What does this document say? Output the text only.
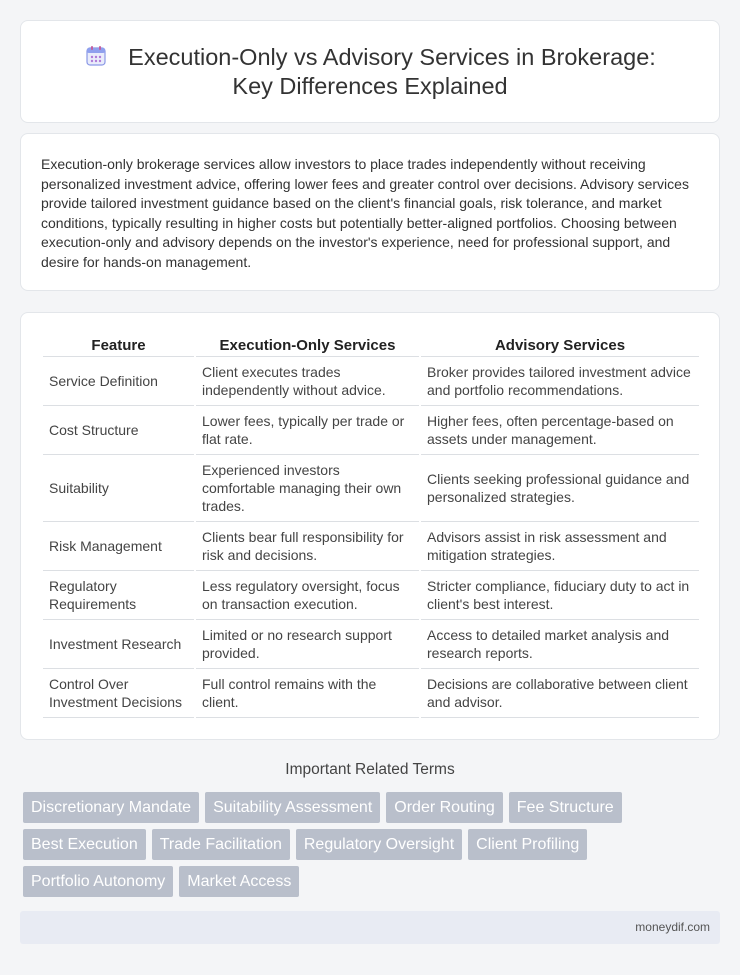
Execution-Only vs Advisory Services in Brokerage: Key Differences Explained

Execution-only brokerage services allow investors to place trades independently without receiving personalized investment advice, offering lower fees and greater control over decisions. Advisory services provide tailored investment guidance based on the client's financial goals, risk tolerance, and market conditions, typically resulting in higher costs but potentially better-aligned portfolios. Choosing between execution-only and advisory depends on the investor's experience, need for professional support, and desire for hands-on management.

Feature	Execution-Only Services	Advisory Services
Service Definition	Client executes trades independently without advice.	Broker provides tailored investment advice and portfolio recommendations.
Cost Structure	Lower fees, typically per trade or flat rate.	Higher fees, often percentage-based on assets under management.
Suitability	Experienced investors comfortable managing their own trades.	Clients seeking professional guidance and personalized strategies.
Risk Management	Clients bear full responsibility for risk and decisions.	Advisors assist in risk assessment and mitigation strategies.
Regulatory Requirements	Less regulatory oversight, focus on transaction execution.	Stricter compliance, fiduciary duty to act in client's best interest.
Investment Research	Limited or no research support provided.	Access to detailed market analysis and research reports.
Control Over Investment Decisions	Full control remains with the client.	Decisions are collaborative between client and advisor.
Important Related Terms
Discretionary Mandate	Suitability Assessment	Order Routing	Fee Structure
Best Execution	Trade Facilitation	Regulatory Oversight	Client Profiling
Portfolio Autonomy	Market Access
moneydif.com
